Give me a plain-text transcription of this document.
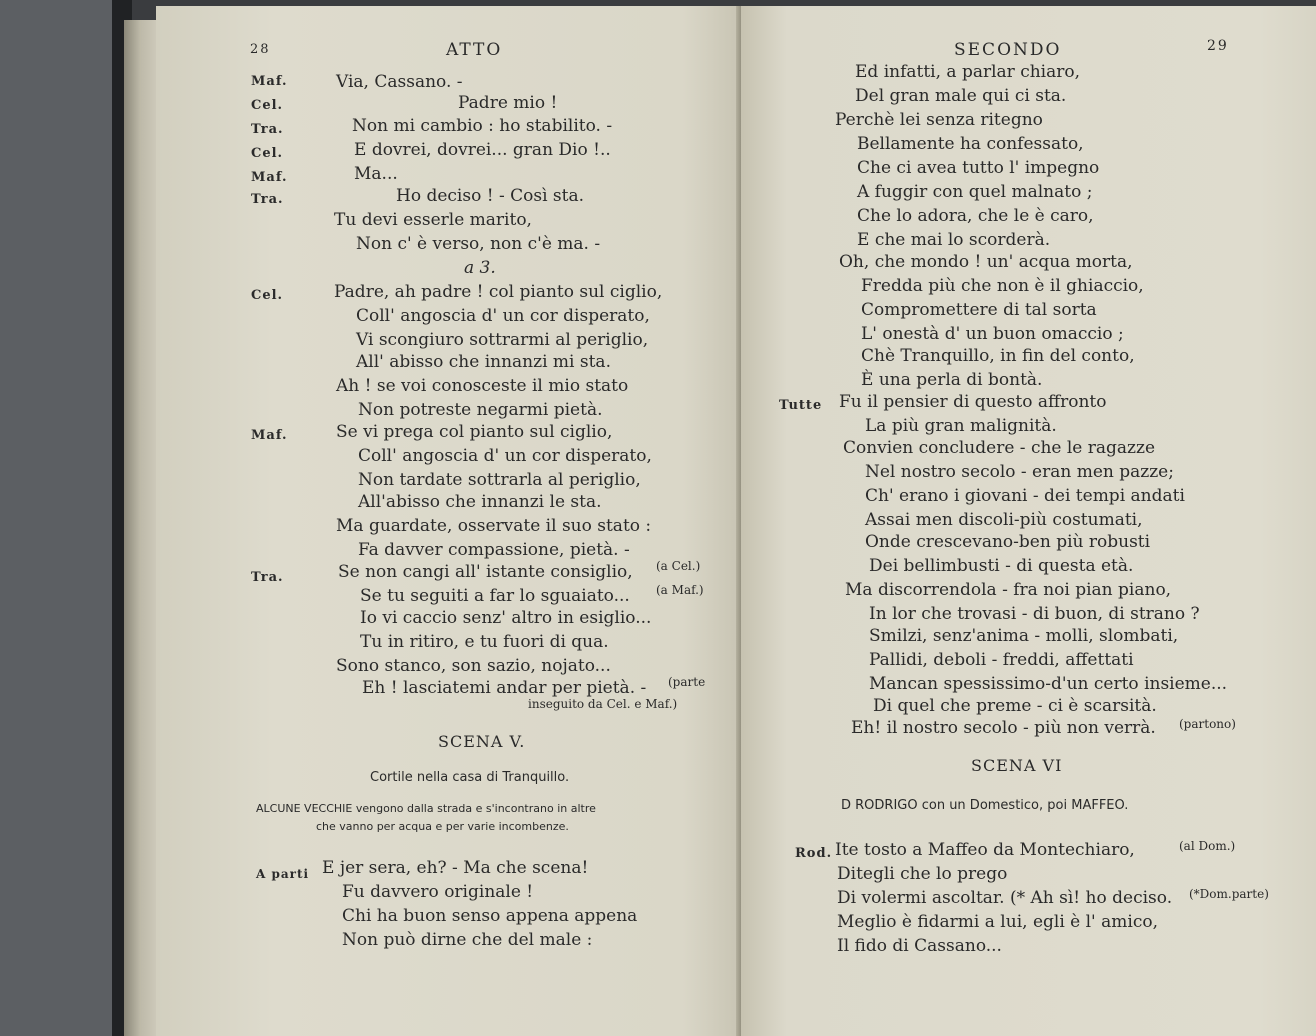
28	ATTO
Maf.	Via, Cassano. -
Cel.	Padre mio !
Tra.	Non mi cambio : ho stabilito. -
Cel.	E dovrei, dovrei... gran Dio !..
Maf.	Ma...
Tra.	Ho deciso ! - Così sta.
Tu devi esserle marito,
Non c' è verso, non c'è ma. -
a 3.
Cel.	Padre, ah padre ! col pianto sul ciglio,
Coll' angoscia d' un cor disperato,
Vi scongiuro sottrarmi al periglio,
All' abisso che innanzi mi sta.
Ah ! se voi conosceste il mio stato
Non potreste negarmi pietà.
Maf.	Se vi prega col pianto sul ciglio,
Coll' angoscia d' un cor disperato,
Non tardate sottrarla al periglio,
All'abisso che innanzi le sta.
Ma guardate, osservate il suo stato :
Fa davver compassione, pietà. -
Tra.	Se non cangi all' istante consiglio, (a Cel.)
Se tu seguiti a far lo sguaiato... (a Maf.)
Io vi caccio senz' altro in esiglio...
Tu in ritiro, e tu fuori di qua.
Sono stanco, son sazio, nojato...
Eh ! lasciatemi andar per pietà. - (parte
inseguito da Cel. e Maf.)
SCENA V.
Cortile nella casa di Tranquillo.
ALCUNE VECCHIE vengono dalla strada e s'incontrano in altre
che vanno per acqua e per varie incombenze.
A parti E jer sera, eh? - Ma che scena!
Fu davvero originale !
Chi ha buon senso appena appena
Non può dirne che del male :
SECONDO	29
Ed infatti, a parlar chiaro,
Del gran male qui ci sta.
Perchè lei senza ritegno
Bellamente ha confessato,
Che ci avea tutto l' impegno
A fuggir con quel malnato ;
Che lo adora, che le è caro,
E che mai lo scorderà.
Oh, che mondo ! un' acqua morta,
Fredda più che non è il ghiaccio,
Compromettere di tal sorta
L' onestà d' un buon omaccio ;
Chè Tranquillo, in fin del conto,
È una perla di bontà.
Tutte Fu il pensier di questo affronto
La più gran malignità.
Convien concludere - che le ragazze
Nel nostro secolo - eran men pazze;
Ch' erano i giovani - dei tempi andati
Assai men discoli-più costumati,
Onde crescevano-ben più robusti
Dei bellimbusti - di questa età.
Ma discorrendola - fra noi pian piano,
In lor che trovasi - di buon, di strano ?
Smilzi, senz'anima - molli, slombati,
Pallidi, deboli - freddi, affettati
Mancan spessissimo-d'un certo insieme...
Di quel che preme - ci è scarsità.
Eh! il nostro secolo - più non verrà. (partono)
SCENA VI
D RODRIGO con un Domestico, poi MAFFEO.
Rod. Ite tosto a Maffeo da Montechiaro,	(al Dom.)
Ditegli che lo prego
Di volermi ascoltar. (* Ah sì! ho deciso. (*Dom.parte)
Meglio è fidarmi a lui, egli è l' amico,
Il fido di Cassano...
